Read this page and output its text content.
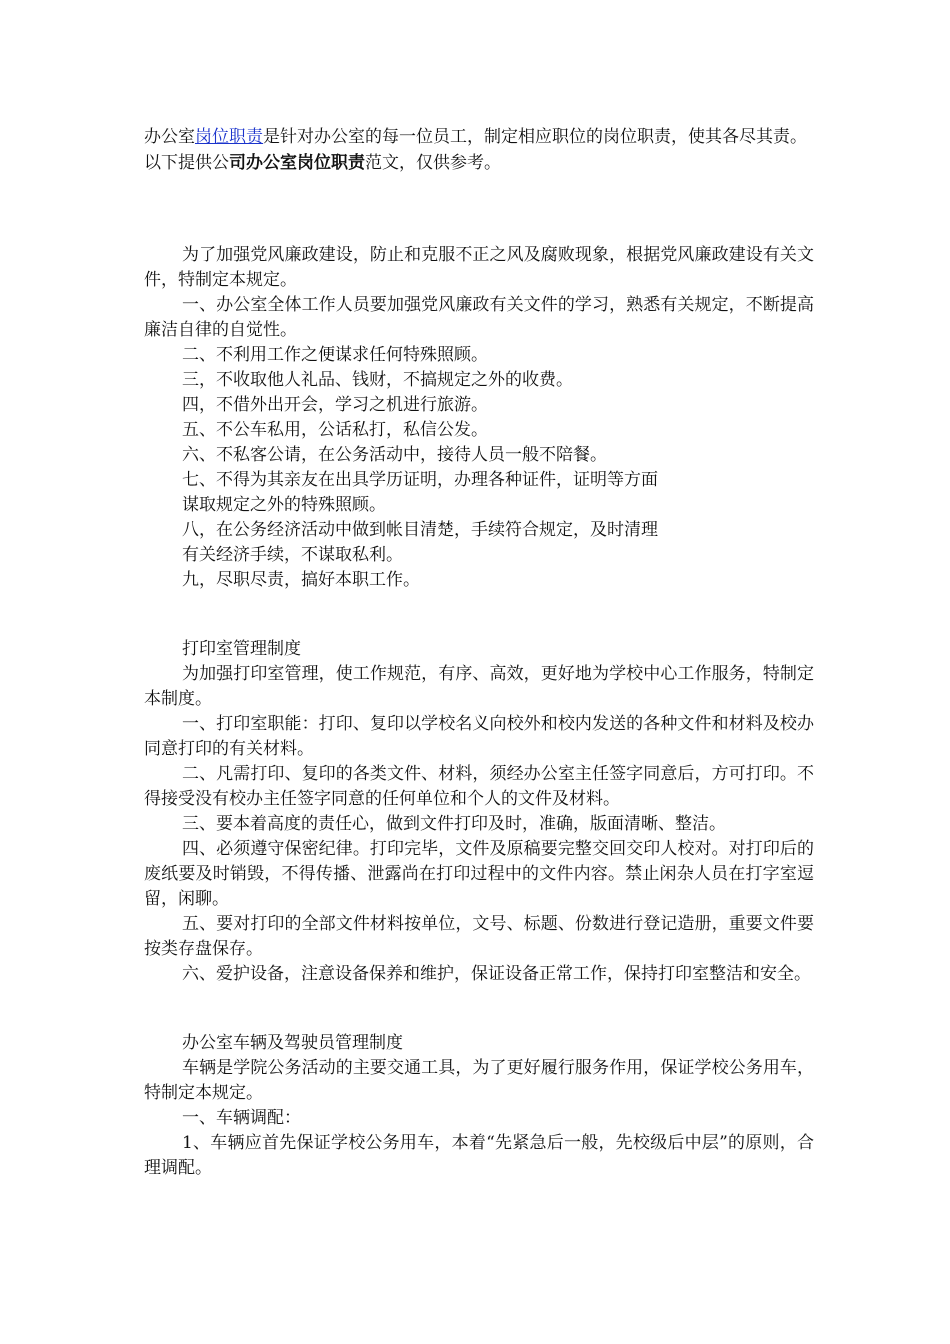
办公室岗位职责是针对办公室的每一位员工，制定相应职位的岗位职责，使其各尽其责。以下提供公司办公室岗位职责范文，仅供参考。

为了加强党风廉政建设，防止和克服不正之风及腐败现象，根据党风廉政建设有关文件，特制定本规定。

一、办公室全体工作人员要加强党风廉政有关文件的学习，熟悉有关规定，不断提高廉洁自律的自觉性。

二、不利用工作之便谋求任何特殊照顾。

三，不收取他人礼品、钱财，不搞规定之外的收费。

四，不借外出开会，学习之机进行旅游。

五、不公车私用，公话私打，私信公发。

六、不私客公请，在公务活动中，接待人员一般不陪餐。

七、不得为其亲友在出具学历证明，办理各种证件，证明等方面

谋取规定之外的特殊照顾。

八，在公务经济活动中做到帐目清楚，手续符合规定，及时清理

有关经济手续，不谋取私利。

九，尽职尽责，搞好本职工作。

打印室管理制度

为加强打印室管理，使工作规范，有序、高效，更好地为学校中心工作服务，特制定本制度。

一、打印室职能：打印、复印以学校名义向校外和校内发送的各种文件和材料及校办同意打印的有关材料。

二、凡需打印、复印的各类文件、材料，须经办公室主任签字同意后，方可打印。不得接受没有校办主任签字同意的任何单位和个人的文件及材料。

三、要本着高度的责任心，做到文件打印及时，准确，版面清晰、整洁。

四、必须遵守保密纪律。打印完毕，文件及原稿要完整交回交印人校对。对打印后的废纸要及时销毁，不得传播、泄露尚在打印过程中的文件内容。禁止闲杂人员在打字室逗留，闲聊。

五、要对打印的全部文件材料按单位，文号、标题、份数进行登记造册，重要文件要按类存盘保存。

六、爱护设备，注意设备保养和维护，保证设备正常工作，保持打印室整洁和安全。

办公室车辆及驾驶员管理制度

车辆是学院公务活动的主要交通工具，为了更好履行服务作用，保证学校公务用车，特制定本规定。

一、车辆调配：

1、车辆应首先保证学校公务用车，本着“先紧急后一般，先校级后中层”的原则，合理调配。
